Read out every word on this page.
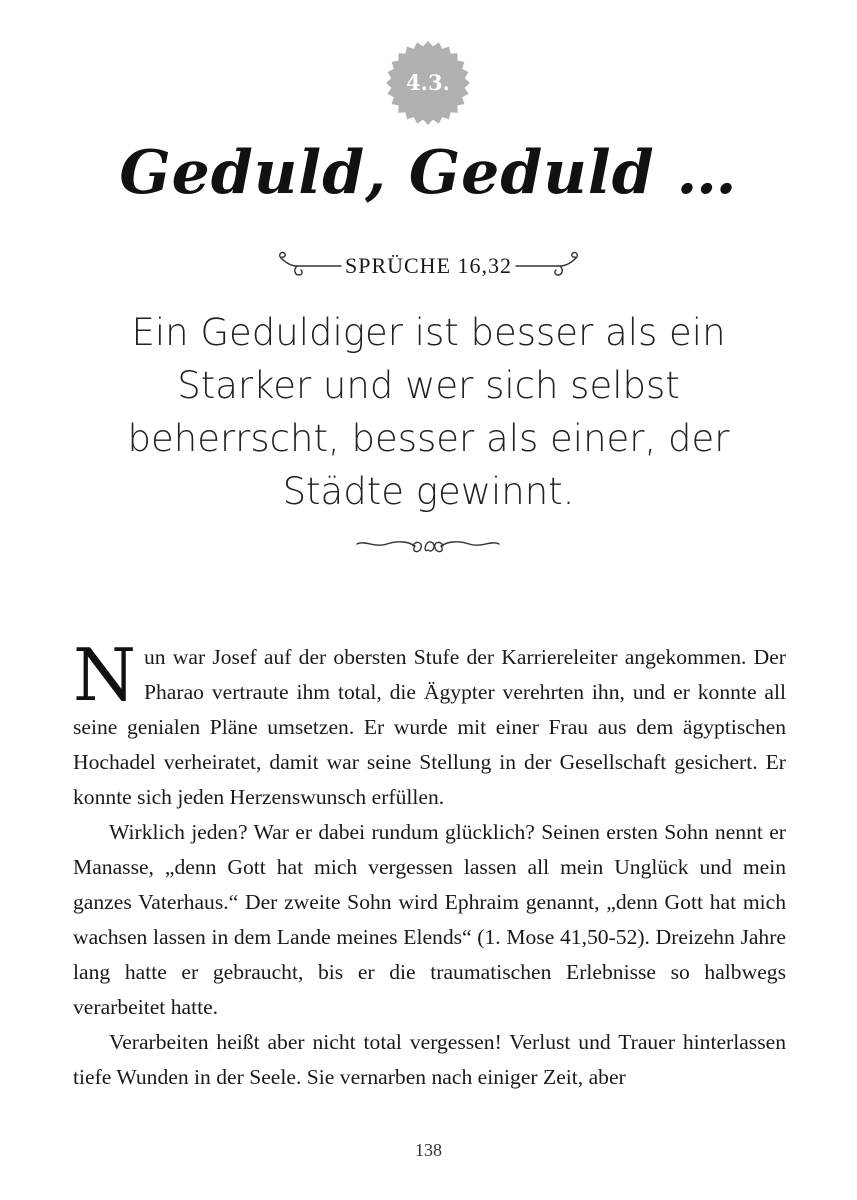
4.3.
Geduld, Geduld …
SPRÜCHE 16,32
Ein Geduldiger ist besser als ein Starker und wer sich selbst beherrscht, besser als einer, der Städte gewinnt.

Nun war Josef auf der obersten Stufe der Karriereleiter angekommen. Der Pharao vertraute ihm total, die Ägypter verehrten ihn, und er konnte all seine genialen Pläne umsetzen. Er wurde mit einer Frau aus dem ägyptischen Hochadel verheiratet, damit war seine Stellung in der Gesellschaft gesichert. Er konnte sich jeden Herzenswunsch erfüllen.

Wirklich jeden? War er dabei rundum glücklich? Seinen ersten Sohn nennt er Manasse, „denn Gott hat mich vergessen lassen all mein Unglück und mein ganzes Vaterhaus.“ Der zweite Sohn wird Ephraim genannt, „denn Gott hat mich wachsen lassen in dem Lande meines Elends“ (1. Mose 41,50-52). Dreizehn Jahre lang hatte er gebraucht, bis er die traumatischen Erlebnisse so halbwegs verarbeitet hatte.

Verarbeiten heißt aber nicht total vergessen! Verlust und Trauer hinterlassen tiefe Wunden in der Seele. Sie vernarben nach einiger Zeit, aber

138
